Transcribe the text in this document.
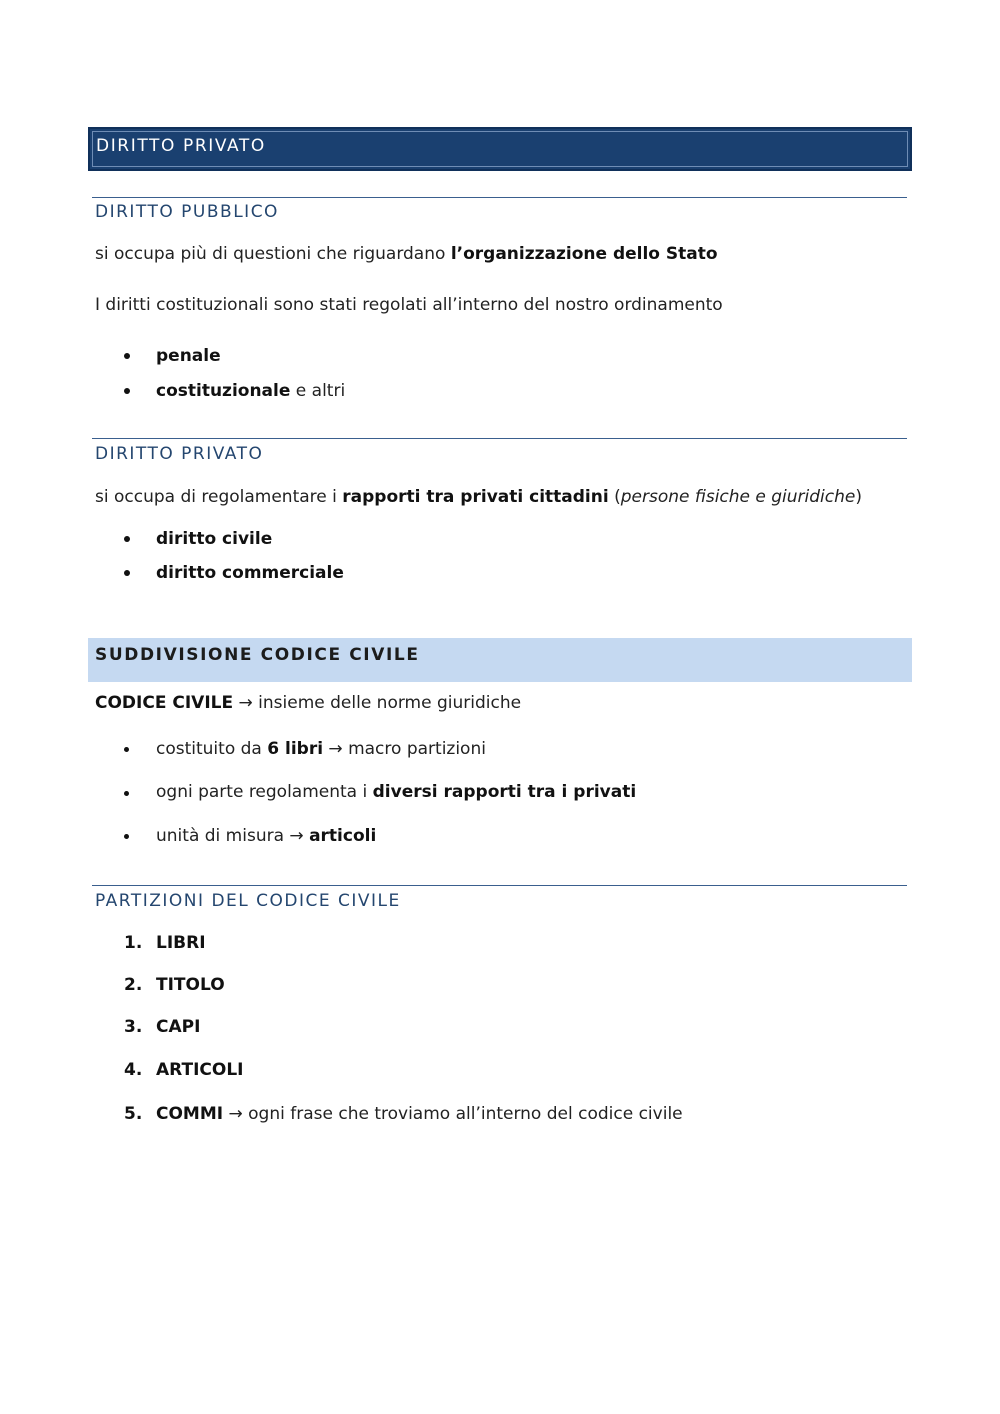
DIRITTO PRIVATO
DIRITTO PUBBLICO
si occupa più di questioni che riguardano l’organizzazione dello Stato
I diritti costituzionali sono stati regolati all’interno del nostro ordinamento
penale
costituzionale e altri
DIRITTO PRIVATO
si occupa di regolamentare i rapporti tra privati cittadini (persone fisiche e giuridiche)
diritto civile
diritto commerciale
SUDDIVISIONE CODICE CIVILE
CODICE CIVILE → insieme delle norme giuridiche
costituito da 6 libri → macro partizioni
ogni parte regolamenta i diversi rapporti tra i privati
unità di misura → articoli
PARTIZIONI DEL CODICE CIVILE
1. LIBRI
2. TITOLO
3. CAPI
4. ARTICOLI
5. COMMI → ogni frase che troviamo all’interno del codice civile
